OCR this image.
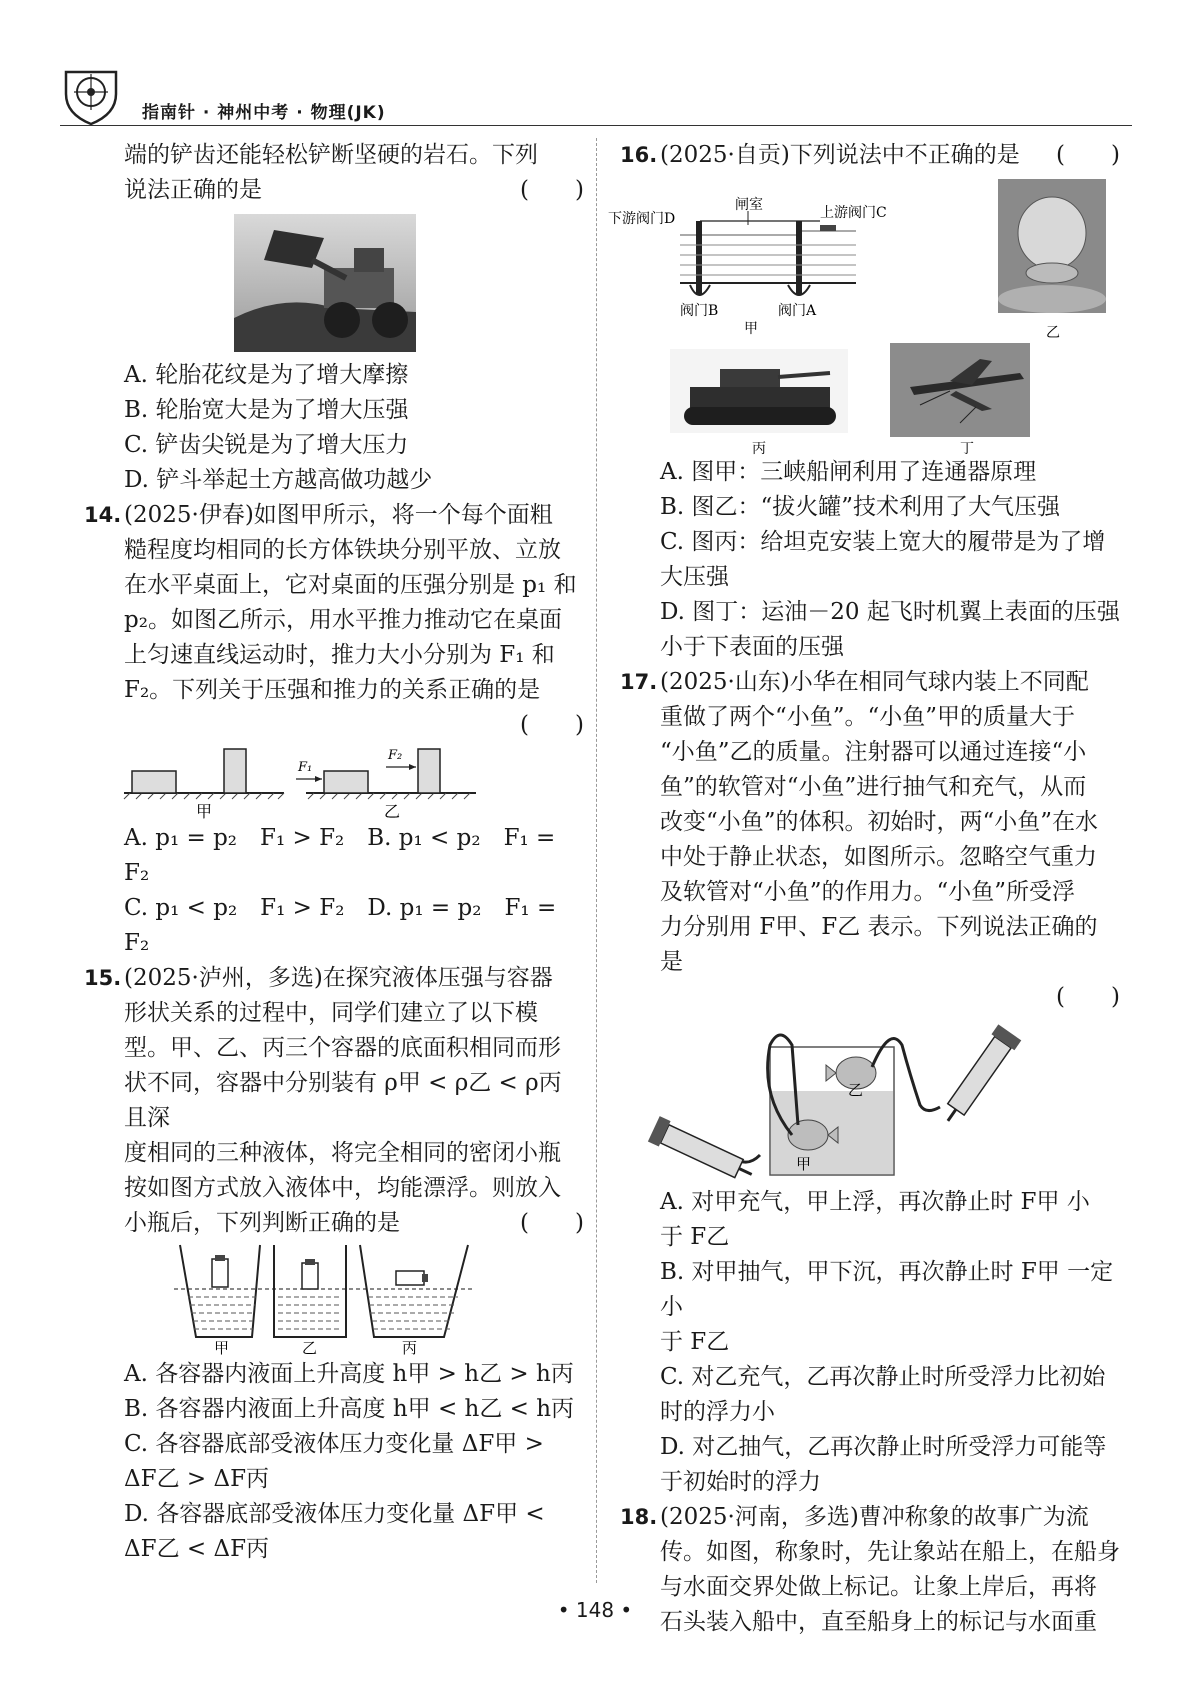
指南针 · 神州中考 · 物理(JK)

端的铲齿还能轻松铲断坚硬的岩石。下列

说法正确的是	(　　)

A. 轮胎花纹是为了增大摩擦

B. 轮胎宽大是为了增大压强

C. 铲齿尖锐是为了增大压力

D. 铲斗举起土方越高做功越少

14. (2025·伊春)如图甲所示，将一个每个面粗

糙程度均相同的长方体铁块分别平放、立放

在水平桌面上，它对桌面的压强分别是 p₁ 和

p₂。如图乙所示，用水平推力推动它在桌面

上匀速直线运动时，推力大小分别为 F₁ 和

F₂。下列关于压强和推力的关系正确的是

(　　)

甲
F₁
F₂
乙

A. p₁ = p₂　F₁ > F₂　B. p₁ < p₂　F₁ = F₂

C. p₁ < p₂　F₁ > F₂　D. p₁ = p₂　F₁ = F₂

15. (2025·泸州，多选)在探究液体压强与容器

形状关系的过程中，同学们建立了以下模

型。甲、乙、丙三个容器的底面积相同而形

状不同，容器中分别装有 ρ甲 < ρ乙 < ρ丙 且深

度相同的三种液体，将完全相同的密闭小瓶

按如图方式放入液体中，均能漂浮。则放入

小瓶后，下列判断正确的是	(　　)

甲	乙	丙

A. 各容器内液面上升高度 h甲 > h乙 > h丙

B. 各容器内液面上升高度 h甲 < h乙 < h丙

C. 各容器底部受液体压力变化量 ΔF甲 >

ΔF乙 > ΔF丙

D. 各容器底部受液体压力变化量 ΔF甲 <

ΔF乙 < ΔF丙

16. (2025·自贡)下列说法中不正确的是 (　　)

闸室
下游阀门D	上游阀门C
阀门B	阀门A
甲	乙
丙	丁

A. 图甲：三峡船闸利用了连通器原理

B. 图乙：“拔火罐”技术利用了大气压强

C. 图丙：给坦克安装上宽大的履带是为了增

大压强

D. 图丁：运油－20 起飞时机翼上表面的压强

小于下表面的压强

17. (2025·山东)小华在相同气球内装上不同配

重做了两个“小鱼”。“小鱼”甲的质量大于

“小鱼”乙的质量。注射器可以通过连接“小

鱼”的软管对“小鱼”进行抽气和充气，从而

改变“小鱼”的体积。初始时，两“小鱼”在水

中处于静止状态，如图所示。忽略空气重力

及软管对“小鱼”的作用力。“小鱼”所受浮

力分别用 F甲、F乙 表示。下列说法正确的是

(　　)

乙
甲

A. 对甲充气，甲上浮，再次静止时 F甲 小

于 F乙

B. 对甲抽气，甲下沉，再次静止时 F甲 一定小

于 F乙

C. 对乙充气，乙再次静止时所受浮力比初始

时的浮力小

D. 对乙抽气，乙再次静止时所受浮力可能等

于初始时的浮力

18. (2025·河南，多选)曹冲称象的故事广为流

传。如图，称象时，先让象站在船上，在船身

与水面交界处做上标记。让象上岸后，再将

石头装入船中，直至船身上的标记与水面重

• 148 •
